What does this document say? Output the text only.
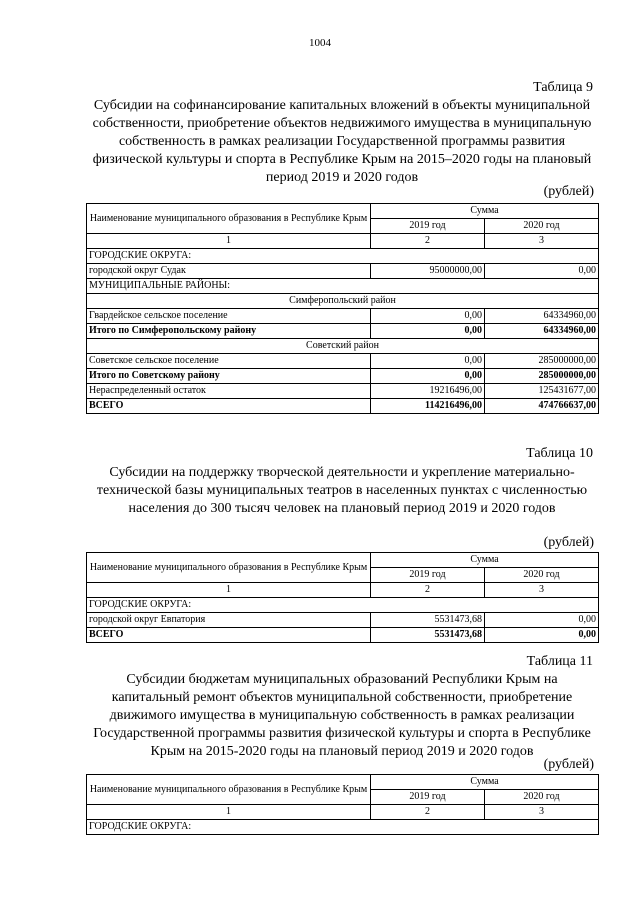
1004
Таблица 9
Субсидии на софинансирование капитальных вложений в объекты муниципальной собственности, приобретение объектов недвижимого имущества в муниципальную собственность в рамках реализации Государственной программы развития физической культуры и спорта в Республике Крым на 2015–2020 годы на плановый период 2019 и 2020 годов
(рублей)
Наименование муниципального образования в Республике Крым	Сумма	
	2019 год	2020 год
1	2	3
ГОРОДСКИЕ ОКРУГА:		
городской округ Судак	95000000,00	0,00
МУНИЦИПАЛЬНЫЕ РАЙОНЫ:		
Симферопольский район		
Гвардейское сельское поселение	0,00	64334960,00
Итого по Симферопольскому району	0,00	64334960,00
Советский район		
Советское сельское поселение	0,00	285000000,00
Итого по Советскому району	0,00	285000000,00
Нераспределенный остаток	19216496,00	125431677,00
ВСЕГО	114216496,00	474766637,00
Таблица 10
Субсидии на поддержку творческой деятельности и укрепление материально-технической базы муниципальных театров в населенных пунктах с численностью населения до 300 тысяч человек на плановый период 2019 и 2020 годов
(рублей)
Наименование муниципального образования в Республике Крым	Сумма	
	2019 год	2020 год
1	2	3
ГОРОДСКИЕ ОКРУГА:		
городской округ Евпатория	5531473,68	0,00
ВСЕГО	5531473,68	0,00
Таблица 11
Субсидии бюджетам муниципальных образований Республики Крым на капитальный ремонт объектов муниципальной собственности, приобретение движимого имущества в муниципальную собственность в рамках реализации Государственной программы развития физической культуры и спорта в Республике Крым на 2015-2020 годы на плановый период 2019 и 2020 годов
(рублей)
Наименование муниципального образования в Республике Крым	Сумма	
	2019 год	2020 год
1	2	3
ГОРОДСКИЕ ОКРУГА:		
